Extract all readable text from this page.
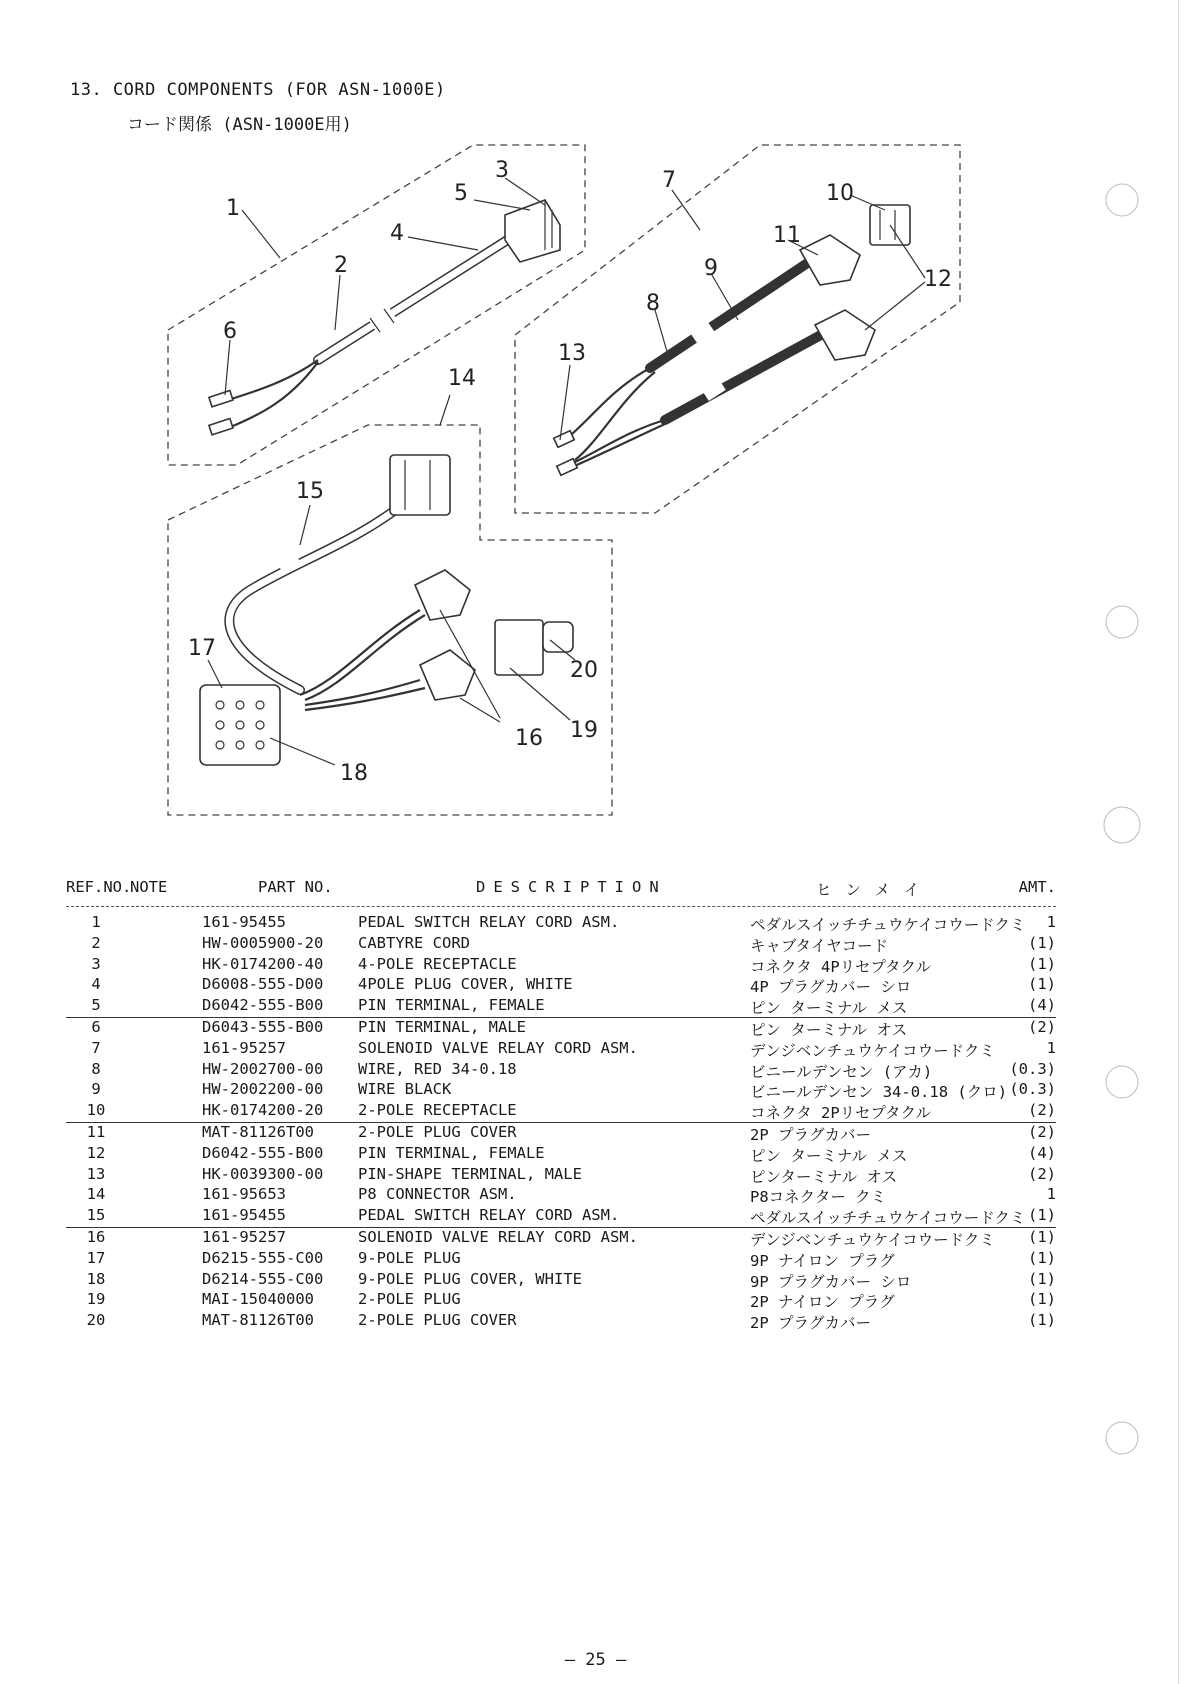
13. CORD COMPONENTS (FOR ASN-1000E)
コード関係 (ASN-1000E用)
1
2
3
4
5
6
7
8
9
10
11
12
13
14
15
16
17
18
19
20
REF.NO.
NOTE	PART NO.	DESCRIPTION	ヒンメイ	AMT.
1	161-95455	PEDAL SWITCH RELAY CORD ASM.	ペダルスイッチチュウケイコウードクミ 1
2	HW-0005900-20 CABTYRE CORD	キャブタイヤコード	(1)
3	HK-0174200-40 4-POLE RECEPTACLE	コネクタ 4Pリセプタクル	(1)
4	D6008-555-D00 4POLE PLUG COVER, WHITE	4P プラグカバー シロ	(1)
5	D6042-555-B00 PIN TERMINAL, FEMALE	ピン ターミナル メス	(4)
6	D6043-555-B00 PIN TERMINAL, MALE	ピン ターミナル オス	(2)
7	161-95257	SOLENOID VALVE RELAY CORD ASM.	デンジベンチュウケイコウードクミ	1
8	HW-2002700-00 WIRE, RED 34-0.18	ビニールデンセン (アカ)	(0.3)
9	HW-2002200-00 WIRE BLACK	ビニールデンセン 34-0.18 (クロ) (0.3)
10	HK-0174200-20 2-POLE RECEPTACLE	コネクタ 2Pリセプタクル	(2)
11	MAT-81126T00	2-POLE PLUG COVER	2P プラグカバー	(2)
12	D6042-555-B00 PIN TERMINAL, FEMALE	ピン ターミナル メス	(4)
13	HK-0039300-00 PIN-SHAPE TERMINAL, MALE	ピンターミナル オス	(2)
14	161-95653	P8 CONNECTOR ASM.	P8コネクター クミ	1
15	161-95455	PEDAL SWITCH RELAY CORD ASM.	ペダルスイッチチュウケイコウードクミ (1)
16	161-95257	SOLENOID VALVE RELAY CORD ASM.	デンジベンチュウケイコウードクミ (1)
17	D6215-555-C00 9-POLE PLUG	9P ナイロン プラグ	(1)
18	D6214-555-C00 9-POLE PLUG COVER, WHITE	9P プラグカバー シロ	(1)
19	MAI-15040000	2-POLE PLUG	2P ナイロン プラグ	(1)
20	MAT-81126T00	2-POLE PLUG COVER	2P プラグカバー	(1)
— 25 —
